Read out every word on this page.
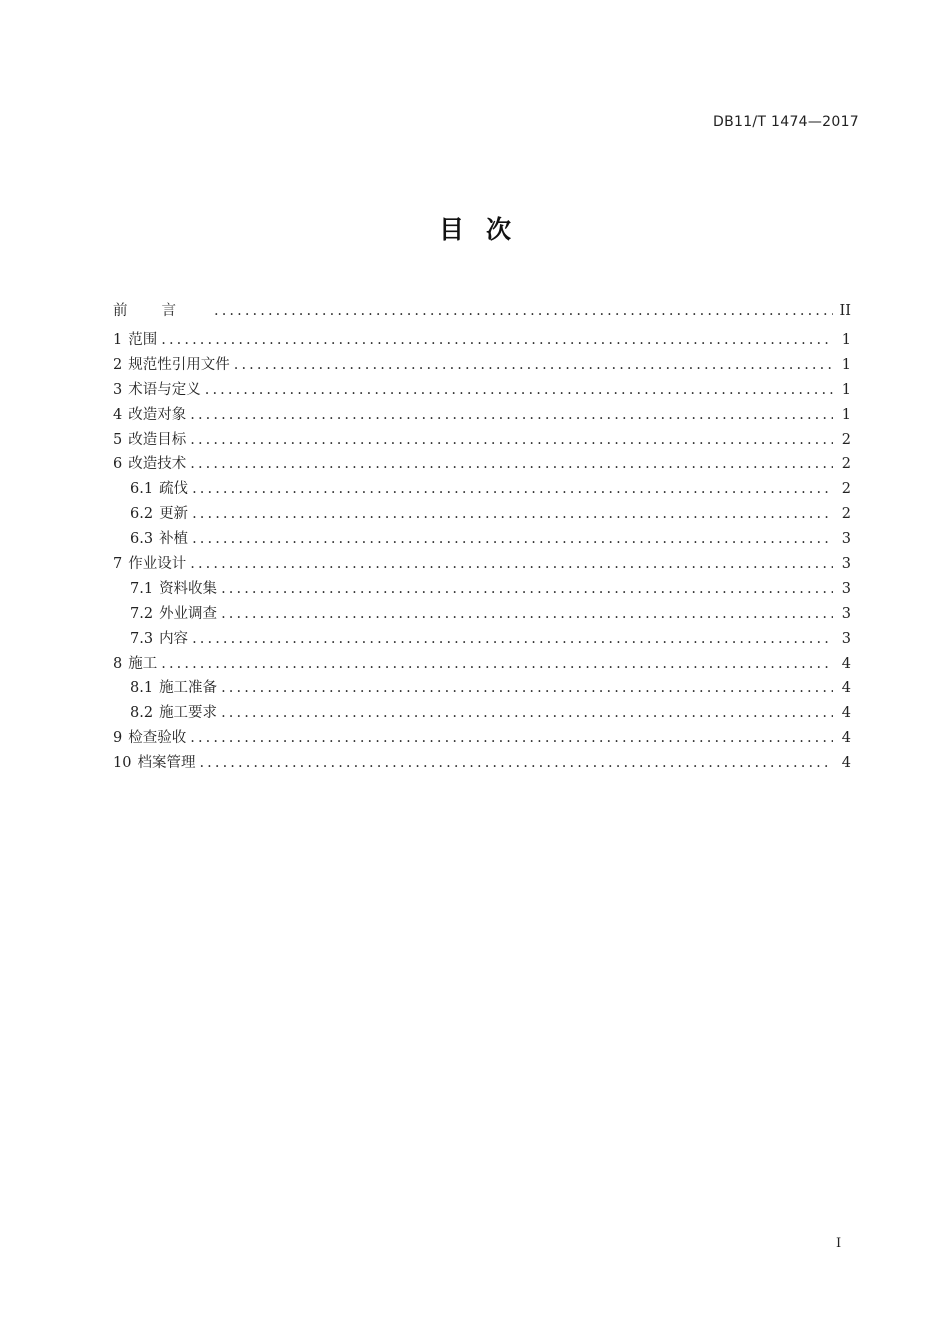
DB11/T 1474—2017
目次
前言 .....	II
1 范围 .....	1
2 规范性引用文件 .....	1
3 术语与定义 .....	1
4 改造对象 .....	1
5 改造目标 .....	2
6 改造技术 .....	2
6.1 疏伐 .....	2
6.2 更新 .....	2
6.3 补植 .....	3
7 作业设计 .....	3
7.1 资料收集 .....	3
7.2 外业调查 .....	3
7.3 内容 .....	3
8 施工 .....	4
8.1 施工准备 .....	4
8.2 施工要求 .....	4
9 检查验收 .....	4
10 档案管理 .....	4
I
